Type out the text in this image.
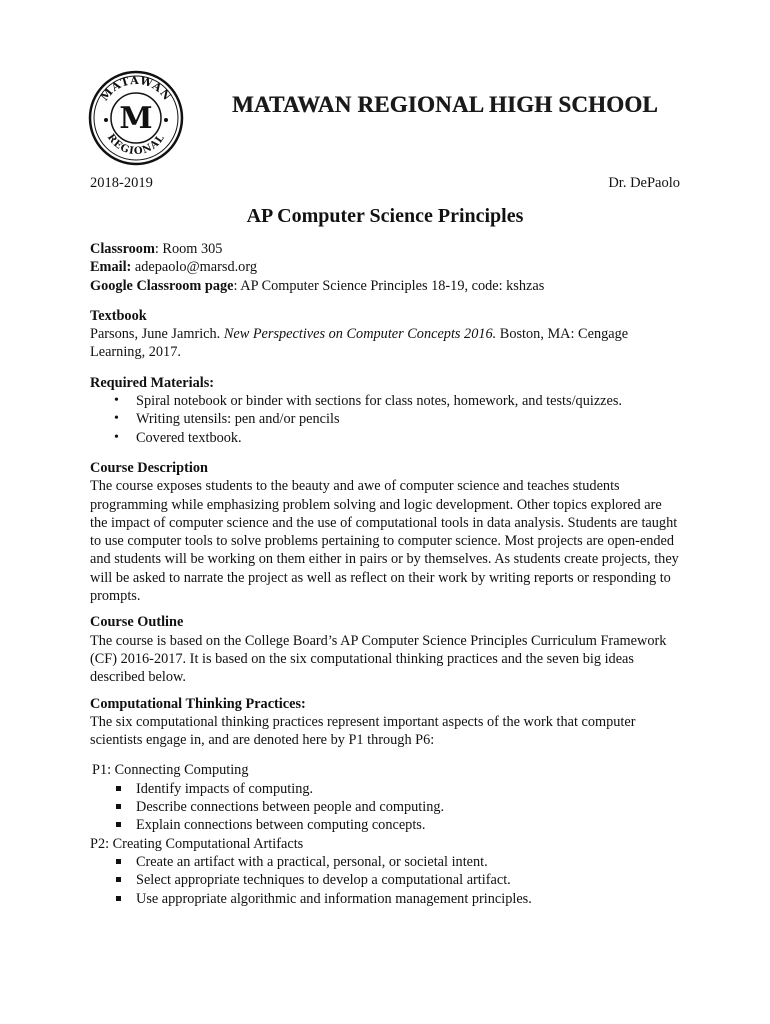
MATAWAN
REGIONAL
M	MATAWAN REGIONAL HIGH SCHOOL
2018-2019	Dr. DePaolo
AP Computer Science Principles

Classroom: Room 305

Email: adepaolo@marsd.org

Google Classroom page: AP Computer Science Principles 18-19, code: kshzas

Textbook

Parsons, June Jamrich. New Perspectives on Computer Concepts 2016. Boston, MA: Cengage Learning, 2017.

Required Materials:

• Spiral notebook or binder with sections for class notes, homework, and tests/quizzes.
• Writing utensils: pen and/or pencils
• Covered textbook.

Course Description

The course exposes students to the beauty and awe of computer science and teaches students programming while emphasizing problem solving and logic development. Other topics explored are the impact of computer science and the use of computational tools in data analysis. Students are taught to use computer tools to solve problems pertaining to computer science. Most projects are open-ended and students will be working on them either in pairs or by themselves. As students create projects, they will be asked to narrate the project as well as reflect on their work by writing reports or responding to prompts.

Course Outline

The course is based on the College Board’s AP Computer Science Principles Curriculum Framework (CF) 2016-2017. It is based on the six computational thinking practices and the seven big ideas described below.

Computational Thinking Practices:

The six computational thinking practices represent important aspects of the work that computer scientists engage in, and are denoted here by P1 through P6:

P1: Connecting Computing

Identify impacts of computing.
Describe connections between people and computing.
Explain connections between computing concepts.

P2: Creating Computational Artifacts

Create an artifact with a practical, personal, or societal intent.
Select appropriate techniques to develop a computational artifact.
Use appropriate algorithmic and information management principles.
